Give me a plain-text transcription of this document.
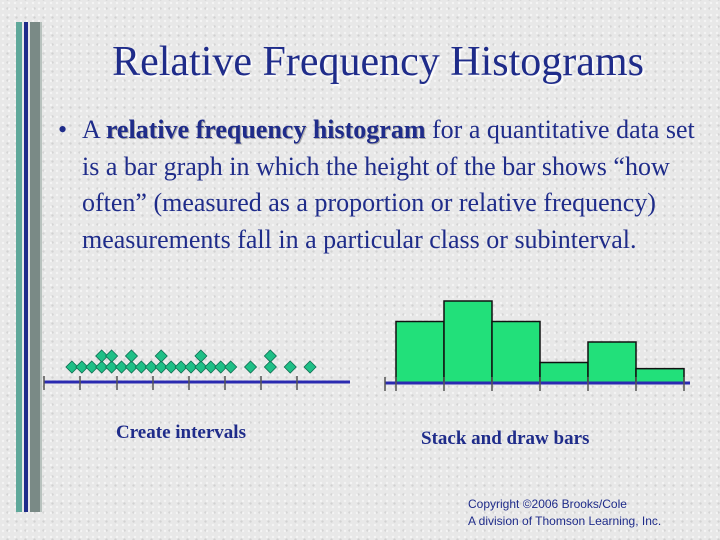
Relative Frequency Histograms
• A relative frequency histogram for a quantitative data set is a bar graph in which the height of the bar shows “how often” (measured as a proportion or relative frequency) measurements fall in a particular class or subinterval.
Create intervals	Stack and draw bars
Copyright ©2006 Brooks/Cole
A division of Thomson Learning, Inc.
